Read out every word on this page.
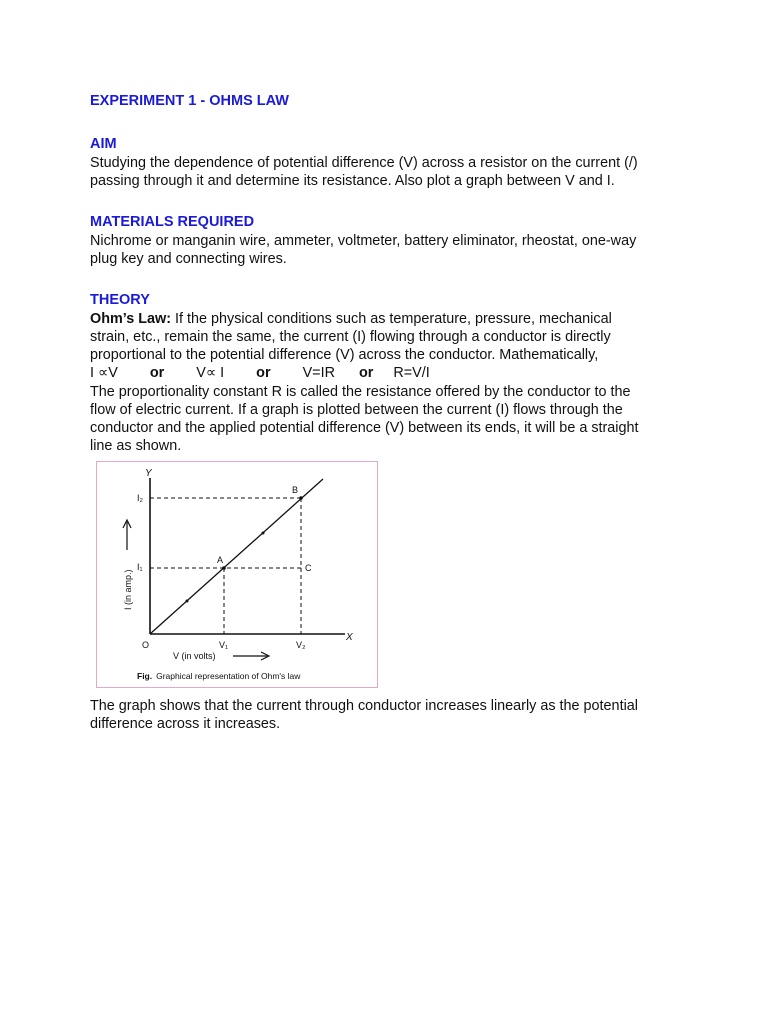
EXPERIMENT 1 - OHMS LAW
AIM

Studying the dependence of potential difference (V) across a resistor on the current (/)
passing through it and determine its resistance. Also plot a graph between V and I.

MATERIALS REQUIRED

Nichrome or manganin wire, ammeter, voltmeter, battery eliminator, rheostat, one-way
plug key and connecting wires.

THEORY

Ohm’s Law: If the physical conditions such as temperature, pressure, mechanical
strain, etc., remain the same, the current (I) flowing through a conductor is directly
proportional to the potential difference (V) across the conductor. Mathematically,

I ∝V or V∝ I or V=IR or R=V/I

The proportionality constant R is called the resistance offered by the conductor to the
flow of electric current. If a graph is plotted between the current (I) flows through the
conductor and the applied potential difference (V) between its ends, it will be a straight
line as shown.

The graph shows that the current through conductor increases linearly as the potential
difference across it increases.

Y
X
O
A
B
C
I₂
I₁
V₁	V₂
I (in amp.)
V (in volts)
Fig. Graphical representation of Ohm's law
